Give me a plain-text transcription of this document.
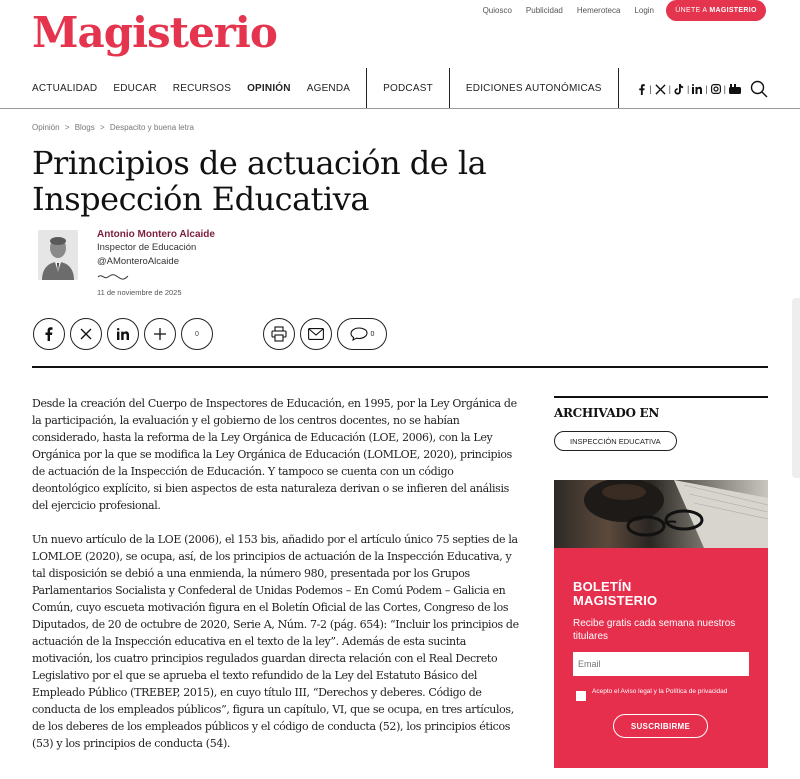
Magisterio	Quiosco Publicidad Hemeroteca Login	ÚNETE A MAGISTERIO
ACTUALIDAD EDUCAR RECURSOS OPINIÓN AGENDA	PODCAST	EDICIONES AUTONÓMICAS	| | | | |
Opinión > Blogs > Despacito y buena letra
Principios de actuación de la Inspección Educativa
Antonio Montero Alcaide
Inspector de Educación
@AMonteroAlcaide
11 de noviembre de 2025
0	0

Desde la creación del Cuerpo de Inspectores de Educación, en 1995, por la Ley Orgánica de la participación, la evaluación y el gobierno de los centros docentes, no se habían considerado, hasta la reforma de la Ley Orgánica de Educación (LOE, 2006), con la Ley Orgánica por la que se modifica la Ley Orgánica de Educación (LOMLOE, 2020), principios de actuación de la Inspección de Educación. Y tampoco se cuenta con un código deontológico explícito, si bien aspectos de esta naturaleza derivan o se infieren del análisis del ejercicio profesional.

Un nuevo artículo de la LOE (2006), el 153 bis, añadido por el artículo único 75 septies de la LOMLOE (2020), se ocupa, así, de los principios de actuación de la Inspección Educativa, y tal disposición se debió a una enmienda, la número 980, presentada por los Grupos Parlamentarios Socialista y Confederal de Unidas Podemos – En Comú Podem – Galicia en Común, cuyo escueta motivación figura en el Boletín Oficial de las Cortes, Congreso de los Diputados, de 20 de octubre de 2020, Serie A, Núm. 7-2 (pág. 654): “Incluir los principios de actuación de la Inspección educativa en el texto de la ley”. Además de esta sucinta motivación, los cuatro principios regulados guardan directa relación con el Real Decreto Legislativo por el que se aprueba el texto refundido de la Ley del Estatuto Básico del Empleado Público (TREBEP, 2015), en cuyo título III, “Derechos y deberes. Código de conducta de los empleados públicos”, figura un capítulo, VI, que se ocupa, en tres artículos, de los deberes de los empleados públicos y el código de conducta (52), los principios éticos (53) y los principios de conducta (54).

ARCHIVADO EN
INSPECCIÓN EDUCATIVA
BOLETÍN
MAGISTERIO
Recibe gratis cada semana nuestros titulares
Email
Acepto el Aviso legal y la Política de privacidad
SUSCRIBIRME
